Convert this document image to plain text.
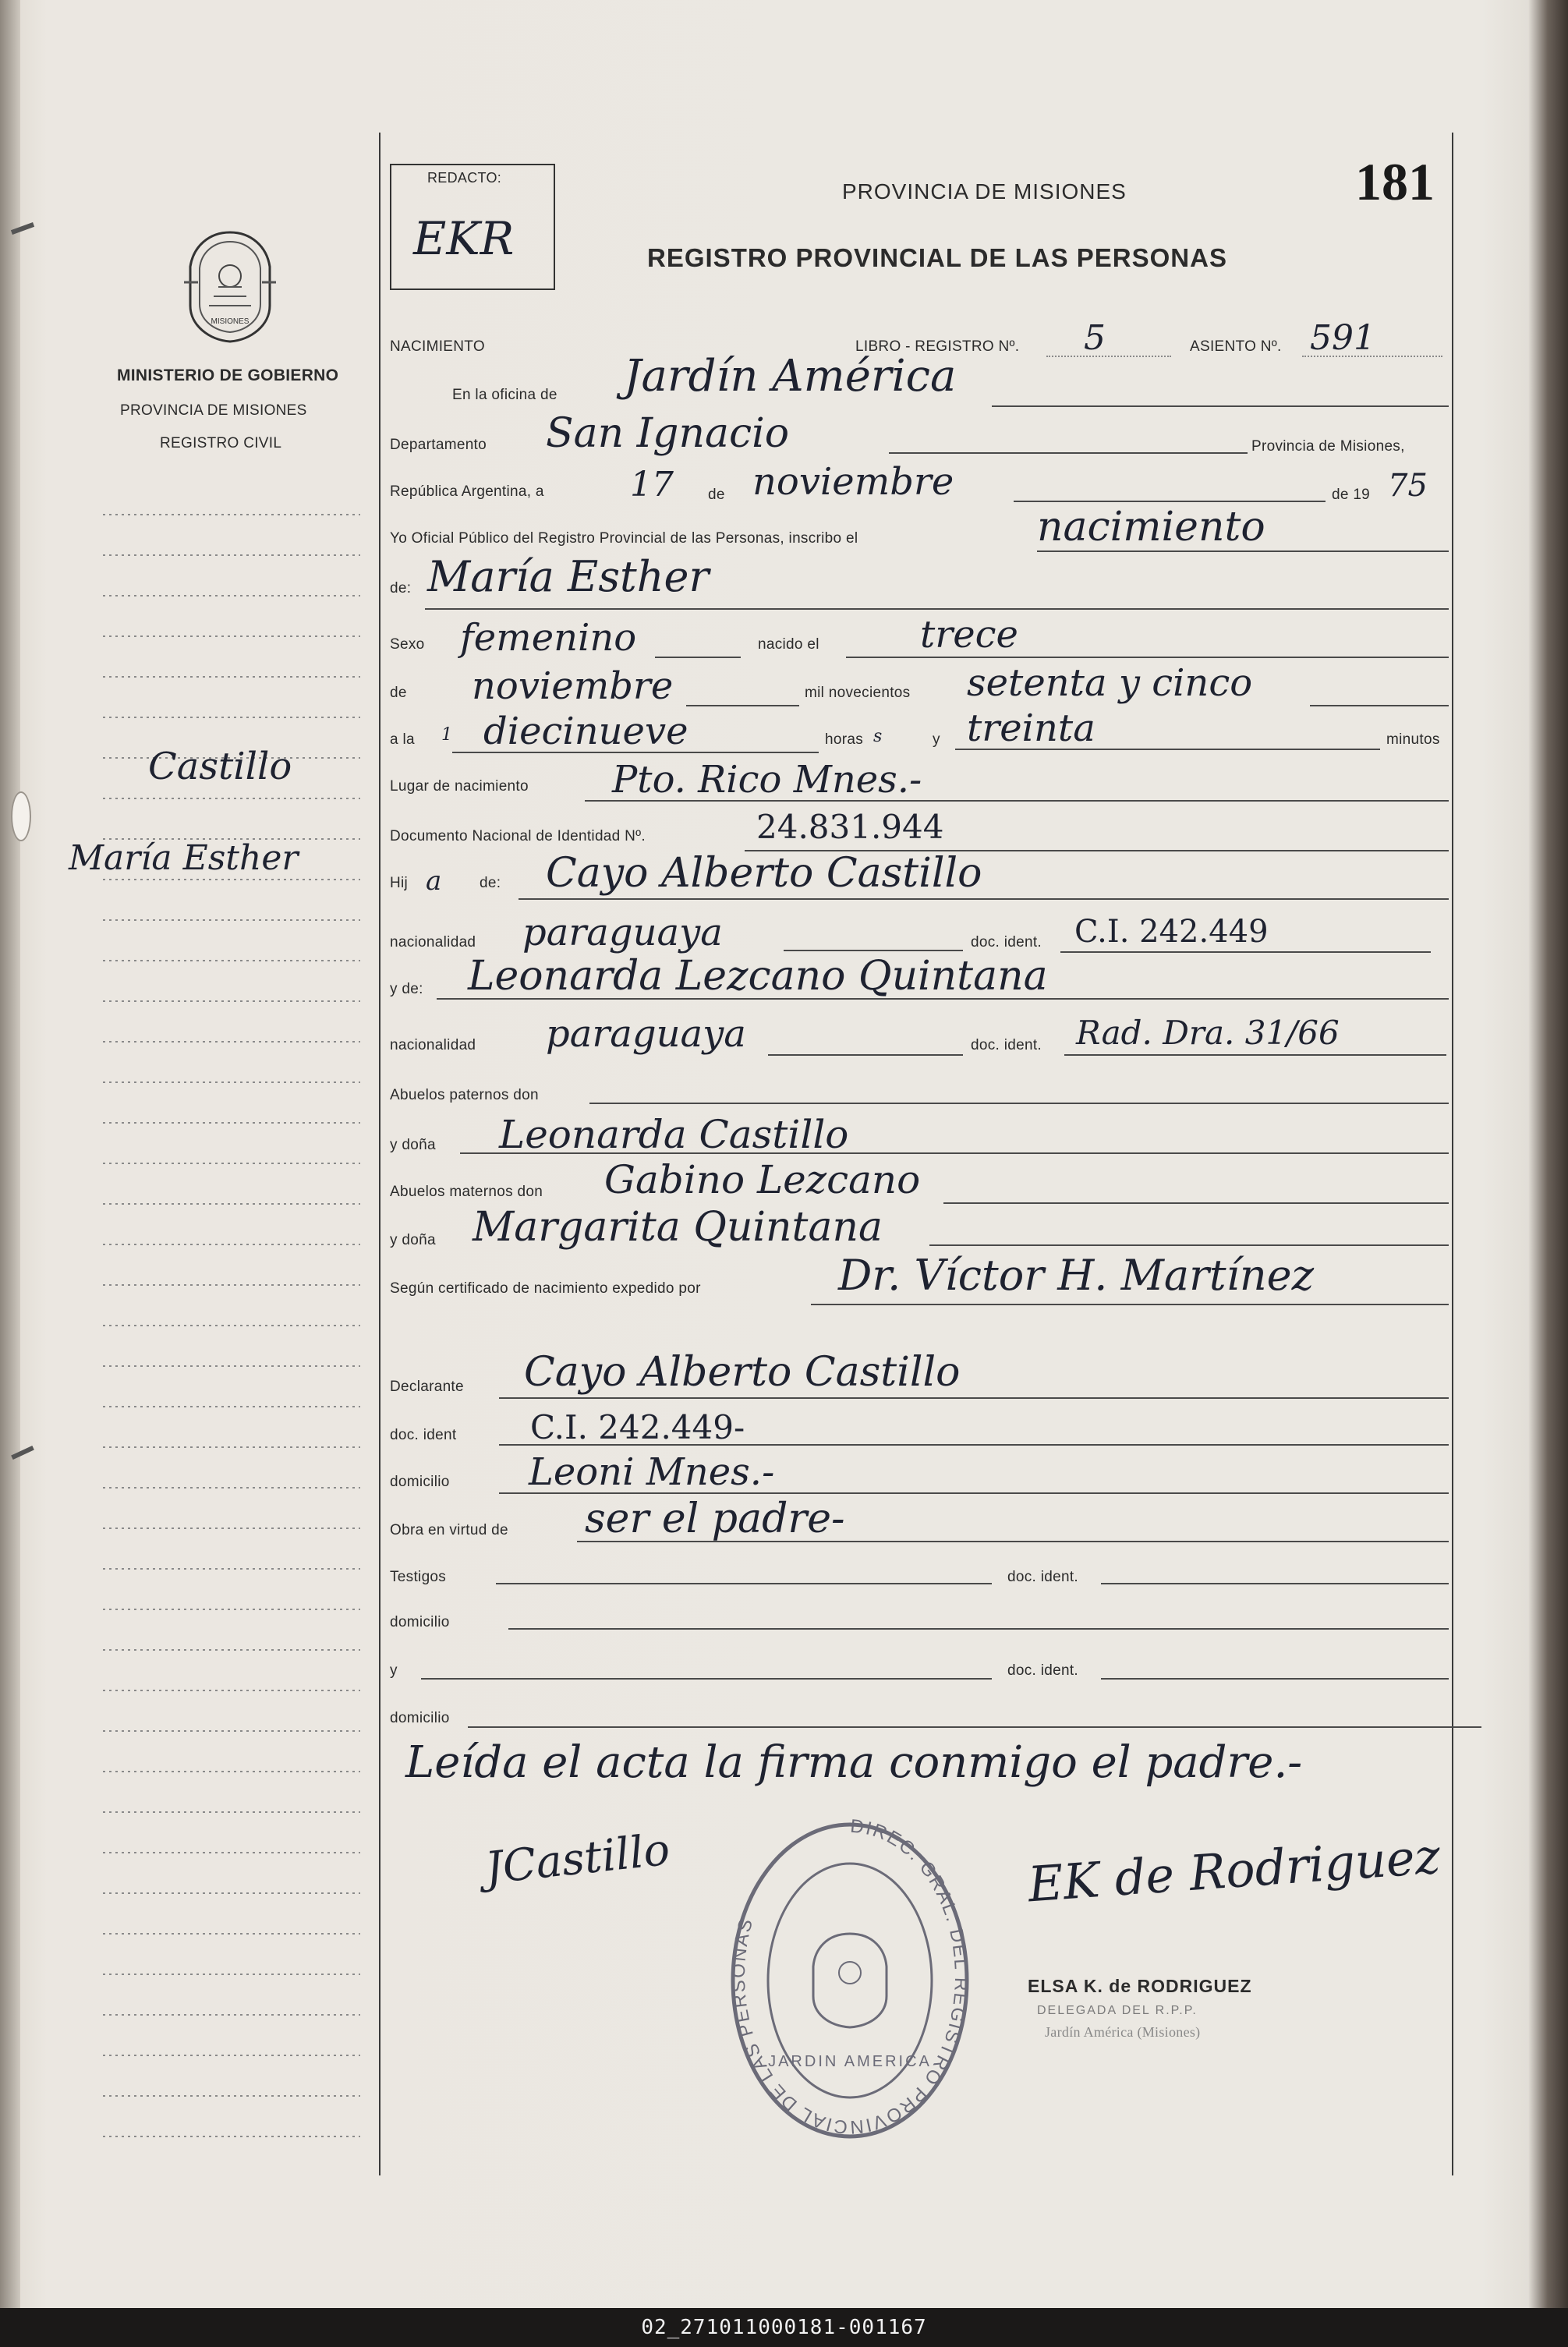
MISIONES
MINISTERIO DE GOBIERNO
PROVINCIA DE MISIONES
REGISTRO CIVIL
Castillo
María Esther
REDACTO:
EKR
PROVINCIA DE MISIONES
REGISTRO PROVINCIAL DE LAS PERSONAS
181
NACIMIENTO	LIBRO - REGISTRO Nº. 5	ASIENTO Nº. 591
En la oficina de Jardín América
Departamento San Ignacio	Provincia de Misiones,
República Argentina, a	17 de noviembre	de 19 75
Yo Oficial Público del Registro Provincial de las Personas, inscribo el	nacimiento
de: María Esther
Sexo femenino	nacido el	trece
de noviembre	mil novecientos setenta y cinco
a la 1 diecinueve	horas s	y treinta	minutos
Lugar de nacimiento Pto. Rico Mnes.-
Documento Nacional de Identidad Nº.	24.831.944
Hij a	de: Cayo Alberto Castillo
nacionalidad paraguaya	doc. ident. C.I. 242.449
y de: Leonarda Lezcano Quintana
nacionalidad paraguaya	doc. ident. Rad. Dra. 31/66
Abuelos paternos don
y doña Leonarda Castillo
Abuelos maternos don Gabino Lezcano
y doña Margarita Quintana
Según certificado de nacimiento expedido por	Dr. Víctor H. Martínez
Declarante Cayo Alberto Castillo
doc. ident C.I. 242.449-
domicilio Leoni Mnes.-
Obra en virtud de ser el padre-
Testigos	doc. ident.
domicilio
y	doc. ident.
domicilio
Leída el acta la firma conmigo el padre.-
JCastillo	DIREC. GRAL. DEL REGISTRO PROVINCIAL DE LAS PERSONAS
JARDIN AMERICA
EK de Rodriguez
ELSA K. de RODRIGUEZ
DELEGADA DEL R.P.P.
Jardín América (Misiones)
02_271011000181-001167
